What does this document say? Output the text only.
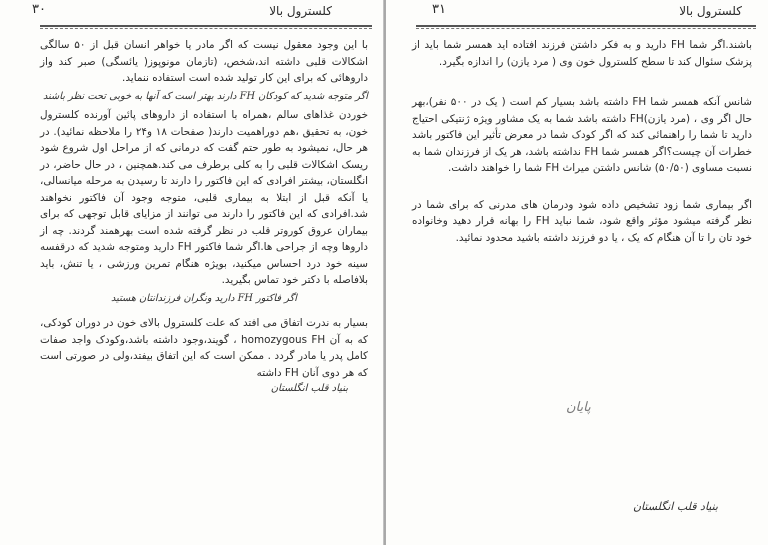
۳۰	کلسترول بالا

با این وجود معقول نیست که اگر مادر یا خواهر انسان قبل از ۵۰ سالگی اشکالات قلبی داشته اند،شخص، (تازمان مونوپوز( یائسگی) صبر کند واز داروهائی که برای این کار تولید شده است استفاده ننماید.

اگر متوجه شدید که کودکان FH دارند بهتر است که آنها به خوبی تحت نظر باشند

خوردن غذاهای سالم ،همراه با استفاده از داروهای پائین آورنده کلسترول خون، به تحقیق ،هم دوراهمیت دارند( صفحات ۱۸ و۲۴ را ملاحظه نمائید). در هر حال، نمیشود به طور حتم گفت که درمانی که از مراحل اول شروع شود ریسک اشکالات قلبی را به کلی برطرف می کند.همچنین ، در حال حاضر، در انگلستان، بیشتر افرادی که این فاکتور را دارند تا رسیدن به مرحله میانسالی، یا آنکه قبل از ابتلا به بیماری قلبی، متوجه وجود آن فاکتور نخواهند شد.افرادی که این فاکتور را دارند می توانند از مزایای قابل توجهی که برای بیماران عروق کوروتر قلب در نظر گرفته شده است بهرهمند گردند. چه از داروها وچه از جراحی ها.اگر شما فاکتور FH دارید ومتوجه شدید که درقفسه سینه خود درد احساس میکنید، بویژه هنگام تمرین ورزشی ، یا تنش، باید بلافاصله با دکتر خود تماس بگیرید.

اگر فاکتور FH دارید ونگران فرزندانتان هستید

بسیار به ندرت اتفاق می افتد که علت کلسترول بالای خون در دوران کودکی، که به آن homozygous FH ، گویند،وجود داشته باشد،وکودک واجد صفات کامل پدر یا مادر گردد . ممکن است که این اتفاق بیفتد،ولی در صورتی است که هر دوی آنان FH داشته

بنیاد قلب انگلستان

۳۱	کلسترول بالا

باشند.اگر شما FH دارید و به فکر داشتن فرزند افتاده اید همسر شما باید از پزشک سئوال کند تا سطح کلسترول خون وی ( مرد یازن) را اندازه بگیرد.

شانس آنکه همسر شما FH داشته باشد بسیار کم است ( یک در ۵۰۰ نفر)،بهر حال اگر وی ، (مرد یازن)FH داشته باشد شما به یک مشاور ویژه ژنتیکی احتیاج دارید تا شما را راهنمائی کند که اگر کودک شما در معرض تأثیر این فاکتور باشد خطرات آن چیست؟اگر همسر شما FH نداشته باشد، هر یک از فرزندان شما به نسبت مساوی (۵۰/۵۰) شانس داشتن میراث FH شما را خواهند داشت.

اگر بیماری شما زود تشخیص داده شود ودرمان های مدرنی که برای شما در نظر گرفته میشود مؤثر واقع شود، شما نباید FH را بهانه قرار دهید وخانواده خود تان را تا آن هنگام که یک ، یا دو فرزند داشته باشید محدود نمائید.

پایان
بنیاد قلب انگلستان
